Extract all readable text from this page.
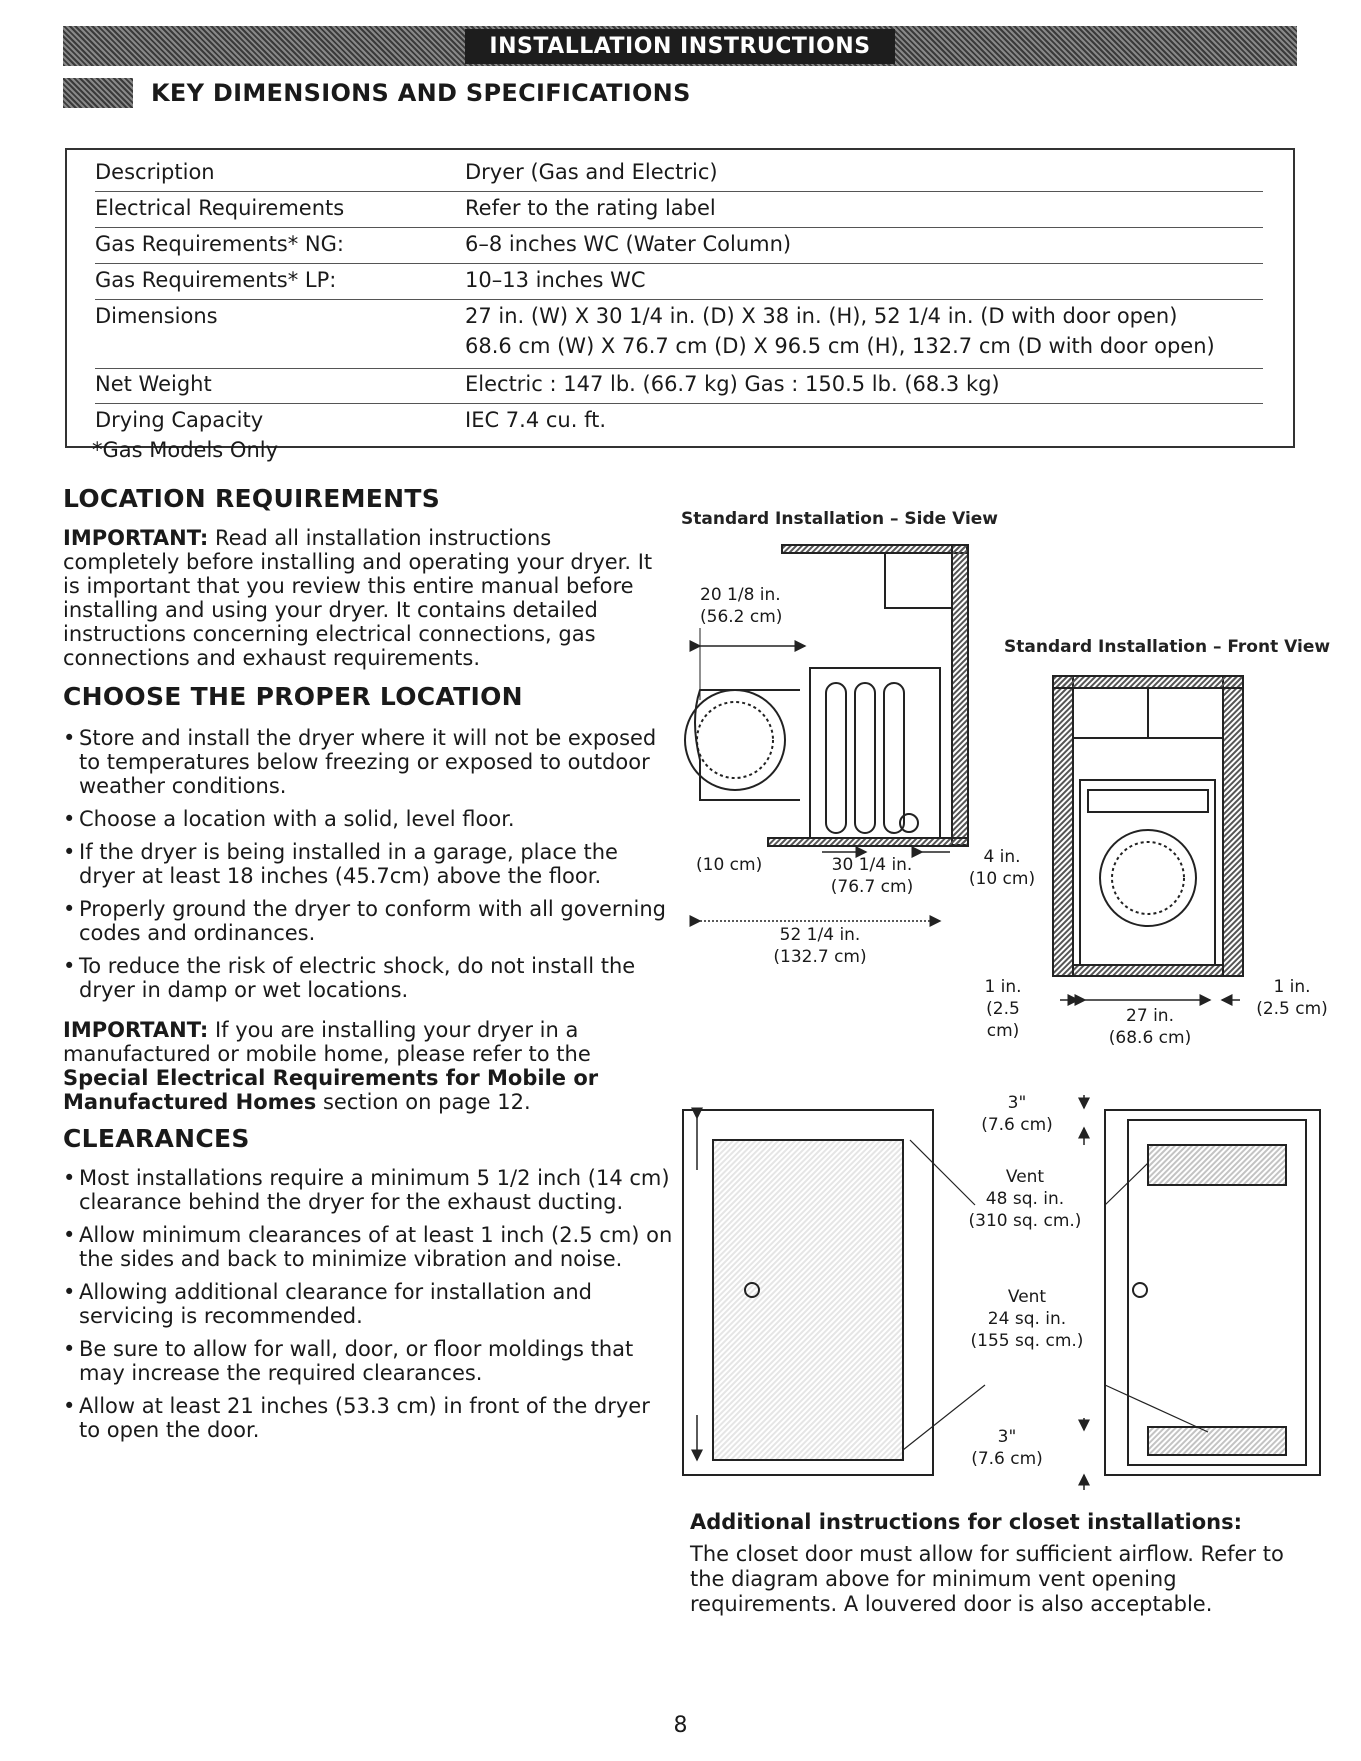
INSTALLATION INSTRUCTIONS
KEY DIMENSIONS AND SPECIFICATIONS
Description	Dryer (Gas and Electric)
Electrical Requirements	Refer to the rating label
Gas Requirements* NG:	6–8 inches WC (Water Column)
Gas Requirements* LP:	10–13 inches WC
Dimensions	27 in. (W) X 30 1/4 in. (D) X 38 in. (H), 52 1/4 in. (D with door open)
68.6 cm (W) X 76.7 cm (D) X 96.5 cm (H), 132.7 cm (D with door open)
Net Weight	Electric : 147 lb. (66.7 kg) Gas : 150.5 lb. (68.3 kg)
Drying Capacity	IEC 7.4 cu. ft.
*Gas Models Only
LOCATION REQUIREMENTS
IMPORTANT: Read all installation instructions completely before installing and operating your dryer. It is important that you review this entire manual before installing and using your dryer. It contains detailed instructions concerning electrical connections, gas connections and exhaust requirements.
CHOOSE THE PROPER LOCATION
• Store and install the dryer where it will not be exposed to temperatures below freezing or exposed to outdoor weather conditions.
• Choose a location with a solid, level floor.
• If the dryer is being installed in a garage, place the dryer at least 18 inches (45.7cm) above the floor.
• Properly ground the dryer to conform with all governing codes and ordinances.
• To reduce the risk of electric shock, do not install the dryer in damp or wet locations.
IMPORTANT: If you are installing your dryer in a manufactured or mobile home, please refer to the Special Electrical Requirements for Mobile or Manufactured Homes section on page 12.
CLEARANCES
• Most installations require a minimum 5 1/2 inch (14 cm) clearance behind the dryer for the exhaust ducting.
• Allow minimum clearances of at least 1 inch (2.5 cm) on the sides and back to minimize vibration and noise.
• Allowing additional clearance for installation and servicing is recommended.
• Be sure to allow for wall, door, or floor moldings that may increase the required clearances.
• Allow at least 21 inches (53.3 cm) in front of the dryer to open the door.
Standard Installation – Side View
20 1/8 in.
(56.2 cm)
(10 cm)	30 1/4 in.
(76.7 cm)
4 in.
(10 cm)
52 1/4 in.
(132.7 cm)
Standard Installation – Front View
1 in.
(2.5 cm)
27 in.
(68.6 cm)
1 in.
(2.5 cm)
3"
(7.6 cm)
Vent
48 sq. in.
(310 sq. cm.)
Vent
24 sq. in.
(155 sq. cm.)
3"
(7.6 cm)
Additional instructions for closet installations:
The closet door must allow for sufficient airflow. Refer to the diagram above for minimum vent opening requirements. A louvered door is also acceptable.
8
